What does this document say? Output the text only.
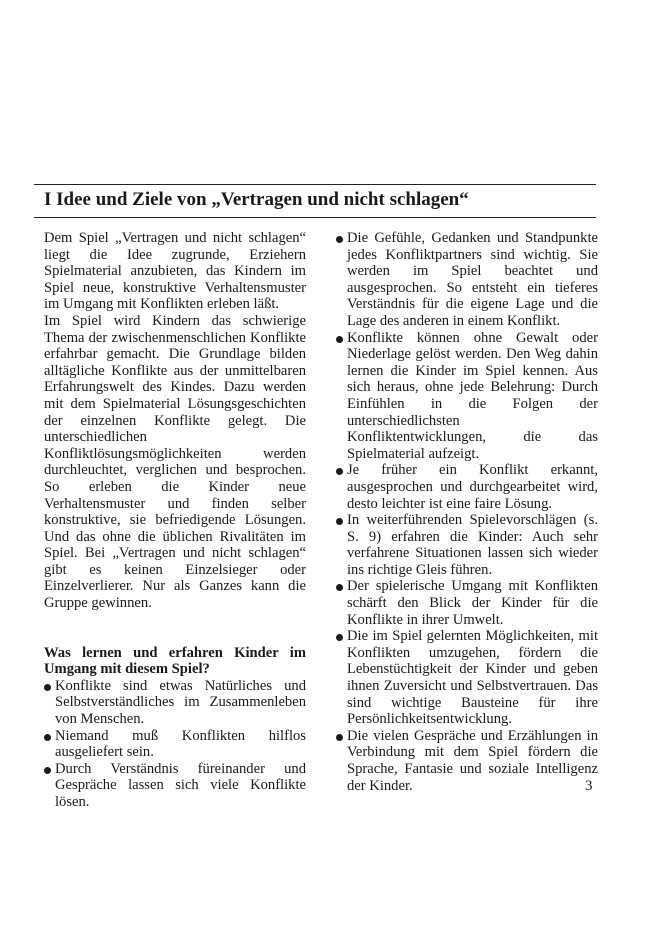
I Idee und Ziele von „Vertragen und nicht schlagen“

Dem Spiel „Vertragen und nicht schlagen“ liegt die Idee zugrunde, Erziehern Spielmaterial anzubieten, das Kindern im Spiel neue, konstruktive Verhaltensmuster im Umgang mit Konflikten erleben läßt.

Im Spiel wird Kindern das schwierige Thema der zwischenmenschlichen Konflikte erfahrbar gemacht. Die Grundlage bilden alltägliche Konflikte aus der unmittelbaren Erfahrungswelt des Kindes. Dazu werden mit dem Spielmaterial Lösungsgeschichten der einzelnen Konflikte gelegt. Die unterschiedlichen Konfliktlösungsmöglichkeiten werden durchleuchtet, verglichen und besprochen. So erleben die Kinder neue Verhaltensmuster und finden selber konstruktive, sie befriedigende Lösungen. Und das ohne die üblichen Rivalitäten im Spiel. Bei „Vertragen und nicht schlagen“ gibt es keinen Einzelsieger oder Einzelverlierer. Nur als Ganzes kann die Gruppe gewinnen.

Was lernen und erfahren Kinder im Umgang mit diesem Spiel?

Konflikte sind etwas Natürliches und Selbstverständliches im Zusammenleben von Menschen.
Niemand muß Konflikten hilflos ausgeliefert sein.
Durch Verständnis füreinander und Gespräche lassen sich viele Konflikte lösen.
Die Gefühle, Gedanken und Standpunkte jedes Konfliktpartners sind wichtig. Sie werden im Spiel beachtet und ausgesprochen. So entsteht ein tieferes Verständnis für die eigene Lage und die Lage des anderen in einem Konflikt.
Konflikte können ohne Gewalt oder Niederlage gelöst werden. Den Weg dahin lernen die Kinder im Spiel kennen. Aus sich heraus, ohne jede Belehrung: Durch Einfühlen in die Folgen der unterschiedlichsten Konfliktentwicklungen, die das Spielmaterial aufzeigt.
Je früher ein Konflikt erkannt, ausgesprochen und durchgearbeitet wird, desto leichter ist eine faire Lösung.
In weiterführenden Spielevorschlägen (s. S. 9) erfahren die Kinder: Auch sehr verfahrene Situationen lassen sich wieder ins richtige Gleis führen.
Der spielerische Umgang mit Konflikten schärft den Blick der Kinder für die Konflikte in ihrer Umwelt.
Die im Spiel gelernten Möglichkeiten, mit Konflikten umzugehen, fördern die Lebenstüchtigkeit der Kinder und geben ihnen Zuversicht und Selbstvertrauen. Das sind wichtige Bausteine für ihre Persönlichkeitsentwicklung.
Die vielen Gespräche und Erzählungen in Verbindung mit dem Spiel fördern die Sprache, Fantasie und soziale Intelligenz der Kinder.	3
